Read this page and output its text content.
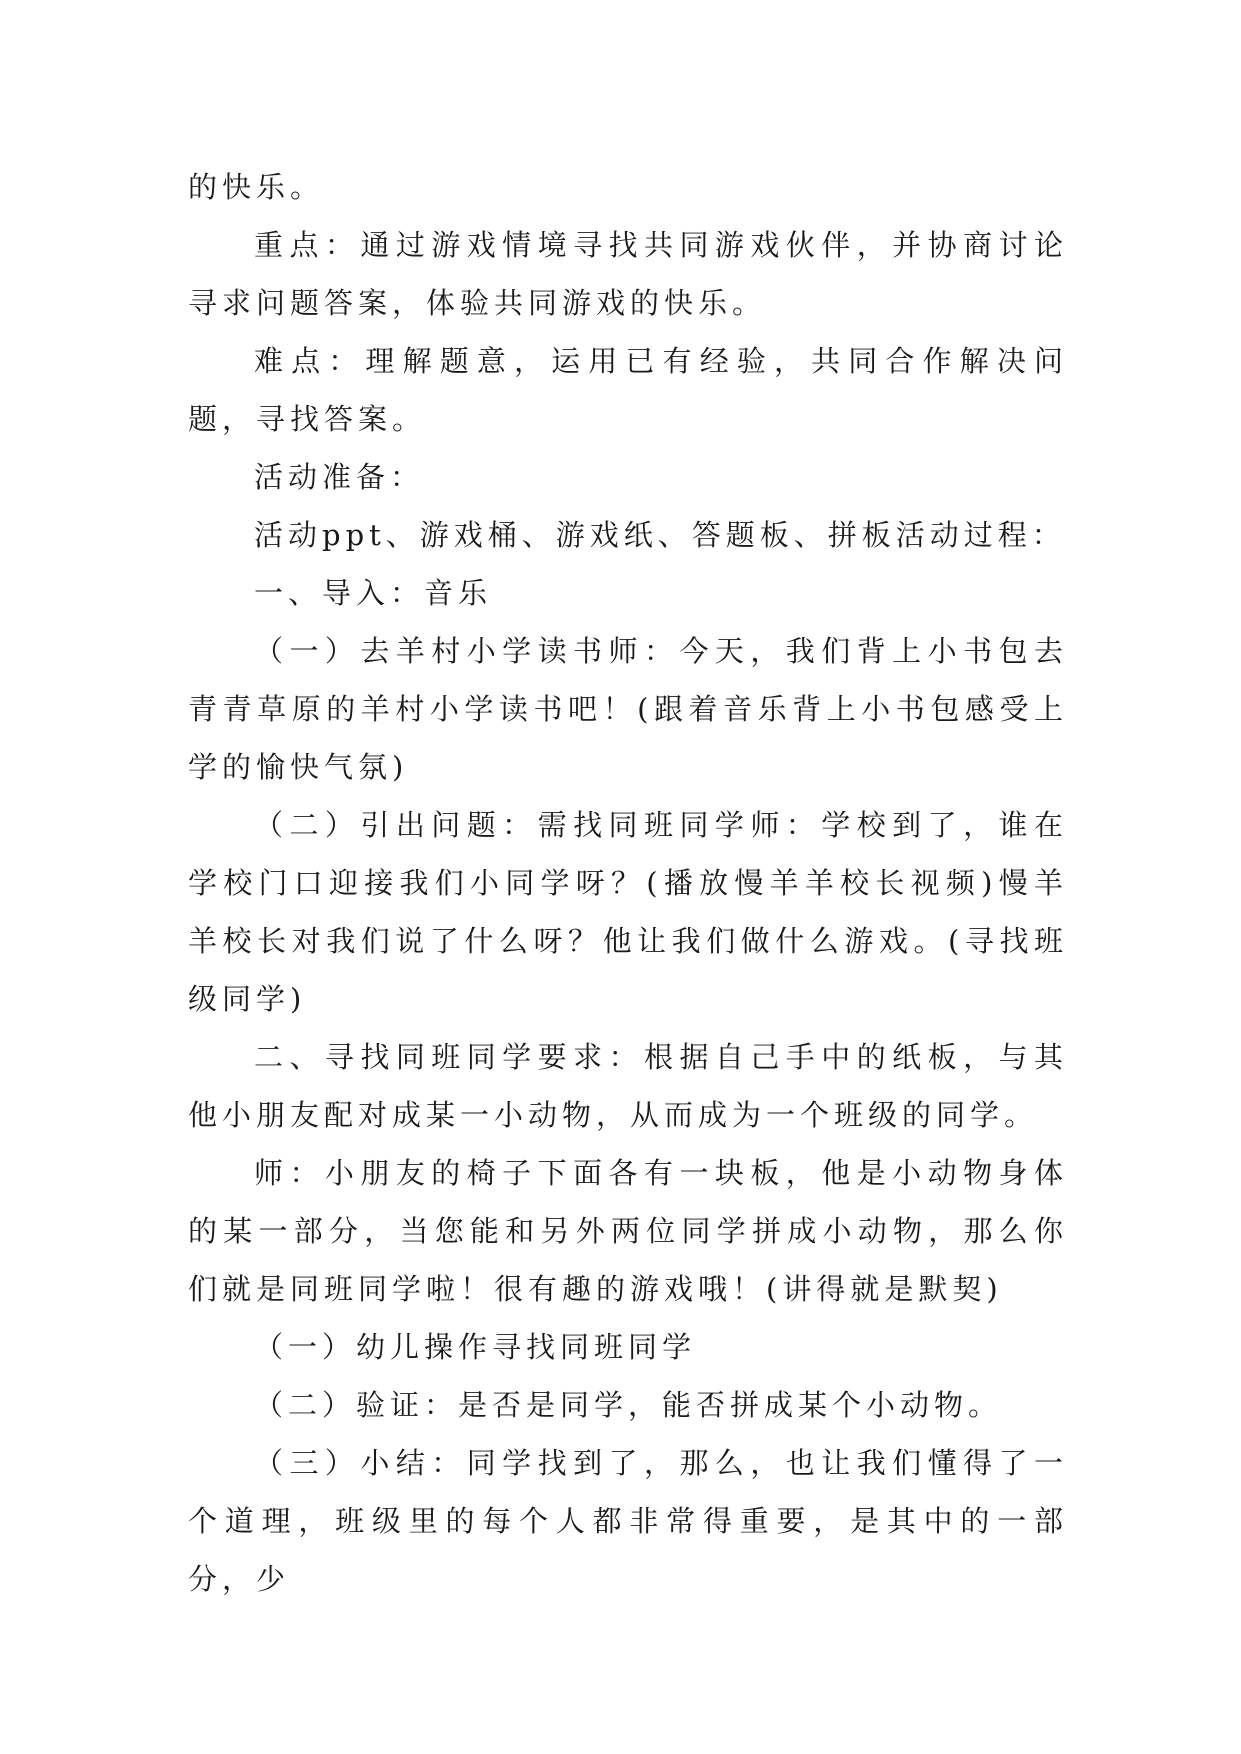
的快乐。

重点：通过游戏情境寻找共同游戏伙伴，并协商讨论寻求问题答案，体验共同游戏的快乐。

难点：理解题意，运用已有经验，共同合作解决问题，寻找答案。

活动准备：

活动ppt、游戏桶、游戏纸、答题板、拼板活动过程：

一、导入：音乐

（一）去羊村小学读书师：今天，我们背上小书包去青青草原的羊村小学读书吧！(跟着音乐背上小书包感受上学的愉快气氛)

（二）引出问题：需找同班同学师：学校到了，谁在学校门口迎接我们小同学呀？(播放慢羊羊校长视频)慢羊羊校长对我们说了什么呀？他让我们做什么游戏。(寻找班级同学)

二、寻找同班同学要求：根据自己手中的纸板，与其他小朋友配对成某一小动物，从而成为一个班级的同学。

师：小朋友的椅子下面各有一块板，他是小动物身体的某一部分，当您能和另外两位同学拼成小动物，那么你们就是同班同学啦！很有趣的游戏哦！(讲得就是默契)

（一）幼儿操作寻找同班同学

（二）验证：是否是同学，能否拼成某个小动物。

（三）小结：同学找到了，那么，也让我们懂得了一个道理，班级里的每个人都非常得重要，是其中的一部分，少
